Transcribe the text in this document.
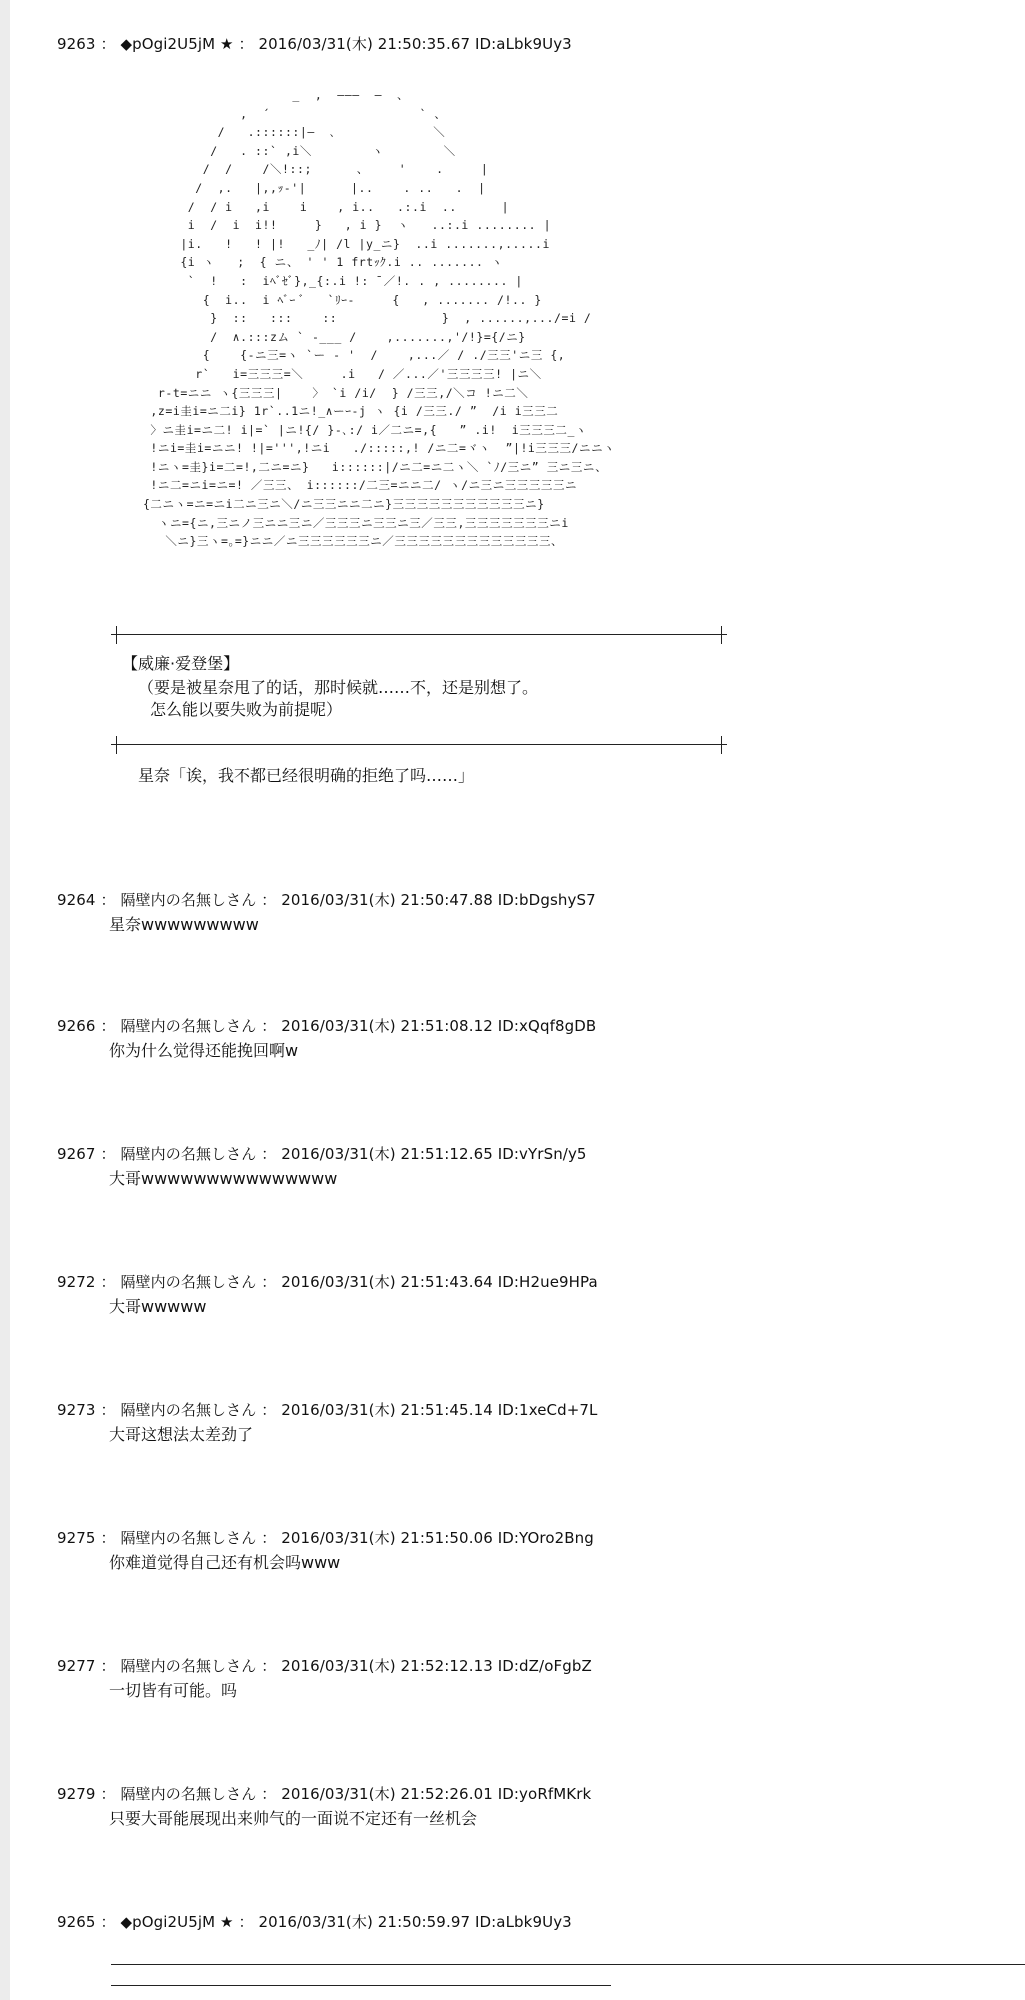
9263 ： ◆pOgi2U5jM ★ ： 2016/03/31(木) 21:50:35.67 ID:aLbk9Uy3
_  ,  ―――  ―  、
,  ´                    ` 、
/   .::::::|―  ､             ＼
/   . ::` ,i＼        ヽ        ＼
/  /    /＼!::;      、    '    .     |
/  ,.   |,,ｯ-'|      |..    . ..   .  |
/  / i   ,i    i    , i..   .:.i  ..      |
i  /  i  i!!     }   , i }  ヽ   ..:.i ........ |
|i.   !   ! |!   _ﾉ| /l |y_ニ}  ..i .......,.....i
{i ヽ   ;  { ニ、 ' ' 1 frtｯｸ.i .. ....... ヽ
`  !   :  iﾍﾞｾﾞ},_{:.i !: ̄ ／!. . , ........ |
{  i..  i ﾍﾞｰ ﾞ   `ﾘｰ-     {   , ....... /!.. }
}  ::   :::    ::              }  , ......,.../=i /
/  ∧.:::zム ` -___ /    ,.......,'/!}={/ニ}
{    {-ニ三=ヽ `ー ‐ '  /    ,...／ / ./三三'ニ三 {,
r`   i=三三三=＼     .i   / ／...／'三三三三! |ニ＼
r-t=ニニ ヽ{三三三|    〉 `i /i/  } /三三,/＼コ !ニ二＼
,z=i圭i=ニ二i} 1r`..1ニ!_∧ーｰ-j ヽ {i /三三./ ”  /i i三三二
〉ニ圭i=ニ二! i|=` |ニ!{/ }-､:/ i／二ニ=,{   ” .i!  i三三三二_ヽ
!ニi=圭i=ニニ! !|=''',!ニi   ./:::::,! /ニ二=ヾヽ  ”|!i三三三/ニニヽ
!ニヽ=圭}i=二=!,二ニ=ニ}   i::::::|/ニ二=ニ二ヽ＼ `ﾉ/三ニ” 三ニ三ニ、
!ニ二=ニi=ニ=! ／三三、 i::::::/二三=ニニ二/ ヽ/ニ三ニ三三三三三ニ
{二ニヽ=ニ=ニi二ニ三ニ＼/ニ三三ニニ二ニ}三三三三三三三三三三三ニ}
ヽニ={ニ,三ニノ三ニニ三ニ／三三三ニ三三ニ三／三三,三三三三三三三ニi
＼ニ}三ヽ=｡=}ニニ／ニ三三三三三三ニ／三三三三三三三三三三三三三、
【威廉·爱登堡】
（要是被星奈甩了的话，那时候就……不，还是别想了。
怎么能以要失败为前提呢）
星奈「诶，我不都已经很明确的拒绝了吗……」
9264 ： 隔壁内の名無しさん ： 2016/03/31(木) 21:50:47.88 ID:bDgshyS7
星奈wwwwwwwww
9266 ： 隔壁内の名無しさん ： 2016/03/31(木) 21:51:08.12 ID:xQqf8gDB
你为什么觉得还能挽回啊w
9267 ： 隔壁内の名無しさん ： 2016/03/31(木) 21:51:12.65 ID:vYrSn/y5
大哥wwwwwwwwwwwwwww
9272 ： 隔壁内の名無しさん ： 2016/03/31(木) 21:51:43.64 ID:H2ue9HPa
大哥wwwww
9273 ： 隔壁内の名無しさん ： 2016/03/31(木) 21:51:45.14 ID:1xeCd+7L
大哥这想法太差劲了
9275 ： 隔壁内の名無しさん ： 2016/03/31(木) 21:51:50.06 ID:YOro2Bng
你难道觉得自己还有机会吗www
9277 ： 隔壁内の名無しさん ： 2016/03/31(木) 21:52:12.13 ID:dZ/oFgbZ
一切皆有可能。吗
9279 ： 隔壁内の名無しさん ： 2016/03/31(木) 21:52:26.01 ID:yoRfMKrk
只要大哥能展现出来帅气的一面说不定还有一丝机会
9265 ： ◆pOgi2U5jM ★ ： 2016/03/31(木) 21:50:59.97 ID:aLbk9Uy3
